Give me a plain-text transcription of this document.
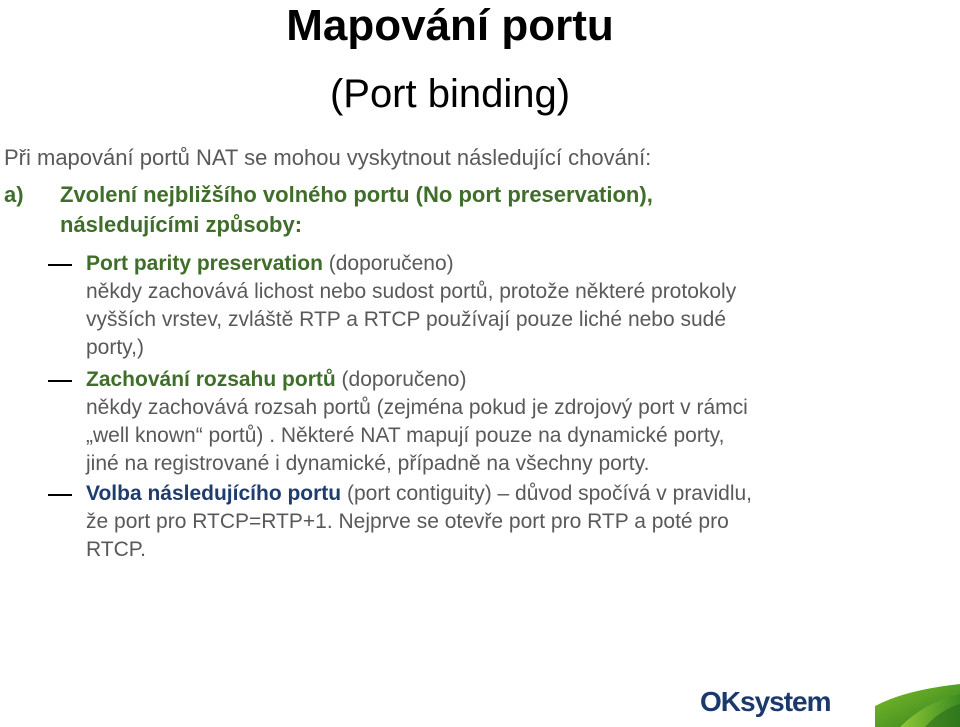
Mapování portu
(Port binding)
Při mapování portů NAT se mohou vyskytnout následující chování:
a) Zvolení nejbližšího volného portu (No port preservation),
následujícími způsoby:
Port parity preservation (doporučeno)
někdy zachovává lichost nebo sudost portů, protože některé protokoly
vyšších vrstev, zvláště RTP a RTCP používají pouze liché nebo sudé
porty,)
Zachování rozsahu portů (doporučeno)
někdy zachovává rozsah portů (zejména pokud je zdrojový port v rámci
„well known“ portů) . Některé NAT mapují pouze na dynamické porty,
jiné na registrované i dynamické, případně na všechny porty.
Volba následujícího portu (port contiguity) – důvod spočívá v pravidlu,
že port pro RTCP=RTP+1. Nejprve se otevře port pro RTP a poté pro
RTCP.
OKsystem
